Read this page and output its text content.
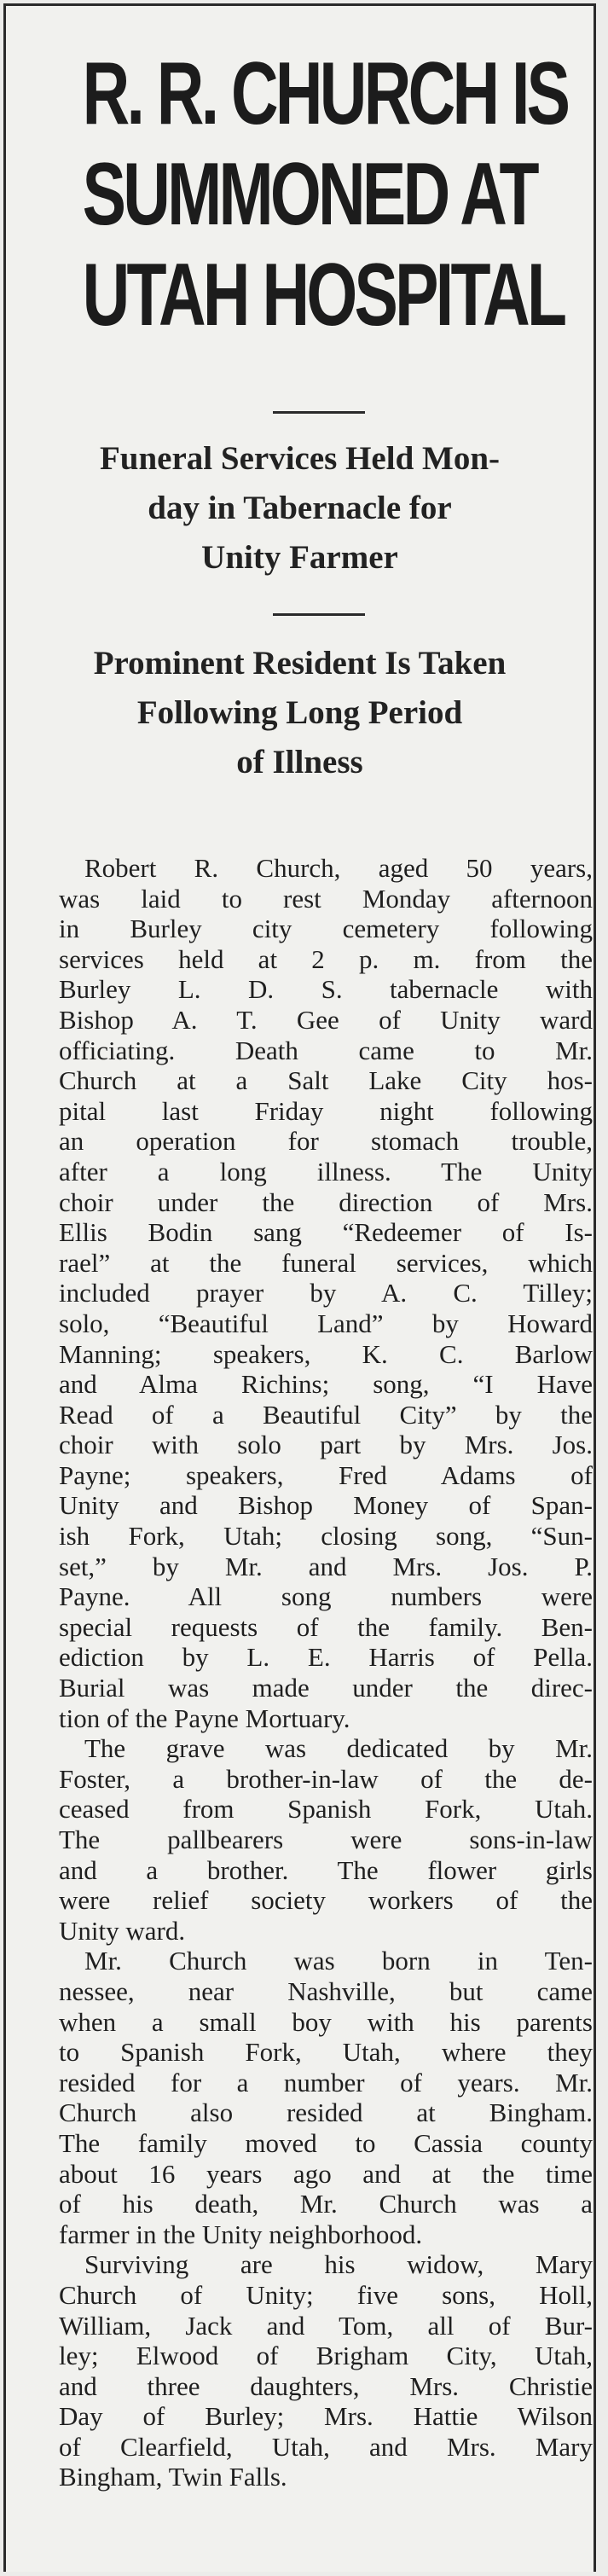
R. R. CHURCH IS
SUMMONED AT
UTAH HOSPITAL
Funeral Services Held Mon-
day in Tabernacle for
Unity Farmer
Prominent Resident Is Taken
Following Long Period
of Illness
Robert R. Church, aged 50 years,
was laid to rest Monday afternoon
in Burley city cemetery following
services held at 2 p. m. from the
Burley L. D. S. tabernacle with
Bishop A. T. Gee of Unity ward
officiating. Death came to Mr.
Church at a Salt Lake City hos-
pital last Friday night following
an operation for stomach trouble,
after a long illness. The Unity
choir under the direction of Mrs.
Ellis Bodin sang “Redeemer of Is-
rael” at the funeral services, which
included prayer by A. C. Tilley;
solo, “Beautiful Land” by Howard
Manning; speakers, K. C. Barlow
and Alma Richins; song, “I Have
Read of a Beautiful City” by the
choir with solo part by Mrs. Jos.
Payne; speakers, Fred Adams of
Unity and Bishop Money of Span-
ish Fork, Utah; closing song, “Sun-
set,” by Mr. and Mrs. Jos. P.
Payne. All song numbers were
special requests of the family. Ben-
ediction by L. E. Harris of Pella.
Burial was made under the direc-
tion of the Payne Mortuary.
The grave was dedicated by Mr.
Foster, a brother-in-law of the de-
ceased from Spanish Fork, Utah.
The pallbearers were sons-in-law
and a brother. The flower girls
were relief society workers of the
Unity ward.
Mr. Church was born in Ten-
nessee, near Nashville, but came
when a small boy with his parents
to Spanish Fork, Utah, where they
resided for a number of years. Mr.
Church also resided at Bingham.
The family moved to Cassia county
about 16 years ago and at the time
of his death, Mr. Church was a
farmer in the Unity neighborhood.
Surviving are his widow, Mary
Church of Unity; five sons, Holl,
William, Jack and Tom, all of Bur-
ley; Elwood of Brigham City, Utah,
and three daughters, Mrs. Christie
Day of Burley; Mrs. Hattie Wilson
of Clearfield, Utah, and Mrs. Mary
Bingham, Twin Falls.
